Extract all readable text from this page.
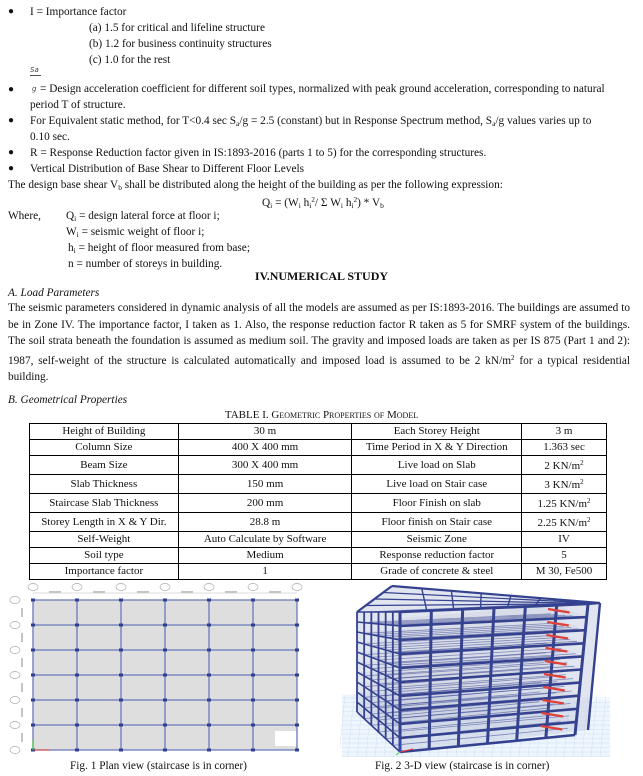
● I = Importance factor
(a) 1.5 for critical and lifeline structure
(b) 1.2 for business continuity structures
(c) 1.0 for the rest
Sa
●	g = Design acceleration coefficient for different soil types, normalized with peak ground acceleration, corresponding to natural
period T of structure.
● For Equivalent static method, for T<0.4 $\sec S_a/g = 2.5$ (constant) but in Response Spectrum method, $S_a/g$ values varies up to
0.10 sec.
● R = Response Reduction factor given in IS:1893-2016 (parts 1 to 5) for the corresponding structures.
● Vertical Distribution of Base Shear to Different Floor Levels
The design base shear $V_b$ shall be distributed along the height of the building as per the following expression:
$Q_i = (W_i$ $h_i^2/$ Σ $W_i$ $h_i^2) * V_b$
Where, $Q_i$ = design lateral force at floor i;
$W_i$ = seismic weight of floor i;
$h_i$ = height of floor measured from base;
n = number of storeys in building.
IV.NUMERICAL STUDY
A. Load Parameters
The seismic parameters considered in dynamic analysis of all the models are assumed as per IS:1893-2016. The buildings are assumed to be in Zone IV. The importance factor, I taken as 1. Also, the response reduction factor R taken as 5 for SMRF system of the buildings. The soil strata beneath the foundation is assumed as medium soil. The gravity and imposed loads are taken as per IS 875 (Part 1 and 2): 1987, self-weight of the structure is calculated automatically and imposed load is assumed to be 2 $kN/m^2$ for a typical residential building.
B. Geometrical Properties
TABLE I. Geometric Properties of Model
Height of Building	30 m	Each Storey Height	3 m
Column Size	400 X 400 mm	Time Period in X & Y Direction	1.363 sec
Beam Size	300 X 400 mm	Live load on Slab	2 $KN/m^2$
Slab Thickness	150 mm	Live load on Stair case	3 $KN/m^2$
Staircase Slab Thickness	200 mm	Floor Finish on slab	1.25 $KN/m^2$
Storey Length in X & Y Dir.	28.8 m	Floor finish on Stair case	2.25 $KN/m^2$
Self-Weight	Auto Calculate by Software	Seismic Zone	IV
Soil type	Medium	Response reduction factor	5
Importance factor	1	Grade of concrete & steel	M 30, Fe500
Fig. 1 Plan view (staircase is in corner)	Fig. 2 3-D view (staircase is in corner)
